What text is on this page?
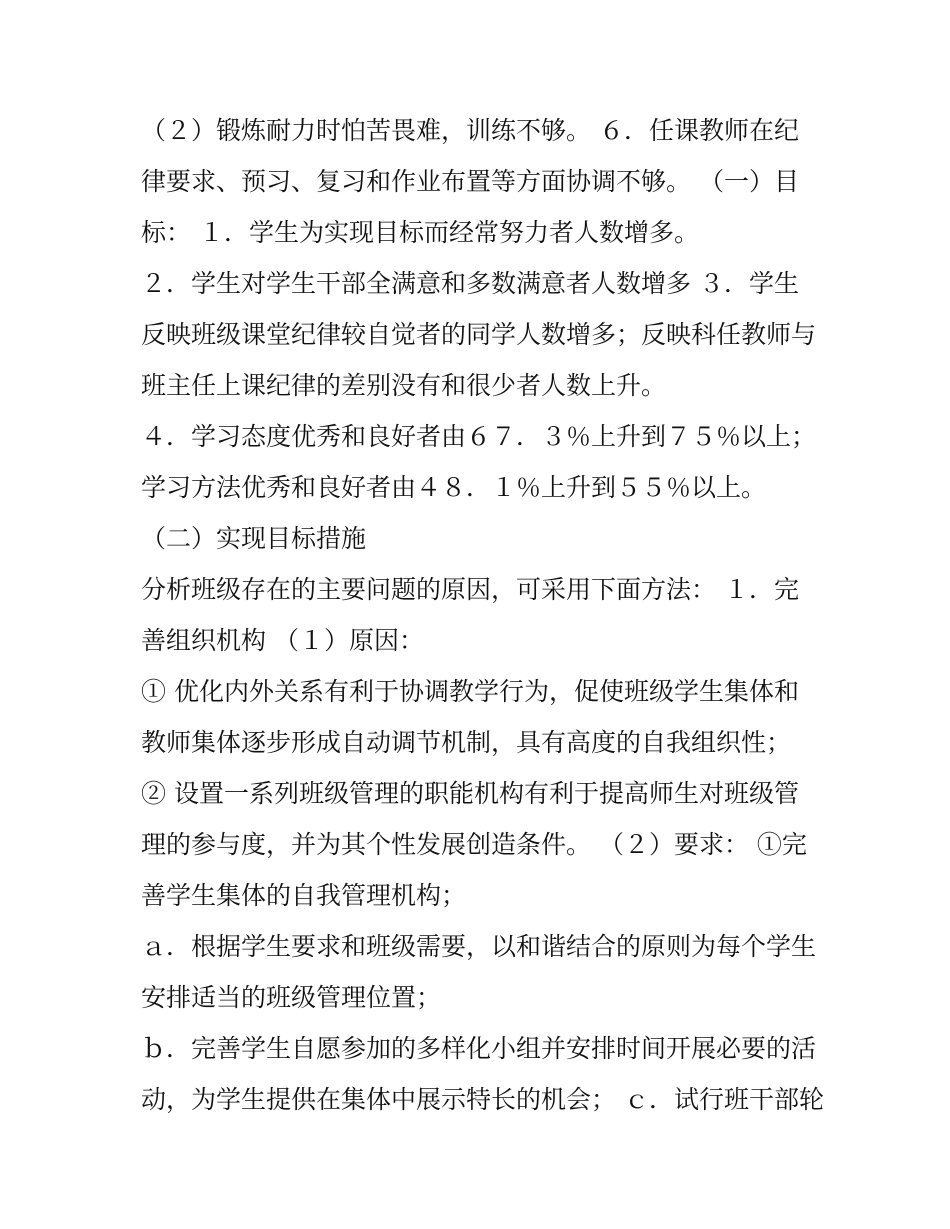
（２）锻炼耐力时怕苦畏难，训练不够。 ６．任课教师在纪
律要求、预习、复习和作业布置等方面协调不够。 （一）目
标： １．学生为实现目标而经常努力者人数增多。
２．学生对学生干部全满意和多数满意者人数增多 ３．学生
反映班级课堂纪律较自觉者的同学人数增多；反映科任教师与
班主任上课纪律的差别没有和很少者人数上升。
４．学习态度优秀和良好者由６７．３％上升到７５％以上；
学习方法优秀和良好者由４８．１％上升到５５％以上。
（二）实现目标措施
分析班级存在的主要问题的原因，可采用下面方法： １．完
善组织机构 （１）原因：
① 优化内外关系有利于协调教学行为，促使班级学生集体和
教师集体逐步形成自动调节机制，具有高度的自我组织性；
② 设置一系列班级管理的职能机构有利于提高师生对班级管
理的参与度，并为其个性发展创造条件。 （２）要求： ①完
善学生集体的自我管理机构；
ａ．根据学生要求和班级需要，以和谐结合的原则为每个学生
安排适当的班级管理位置；
ｂ．完善学生自愿参加的多样化小组并安排时间开展必要的活
动，为学生提供在集体中展示特长的机会； ｃ．试行班干部轮
